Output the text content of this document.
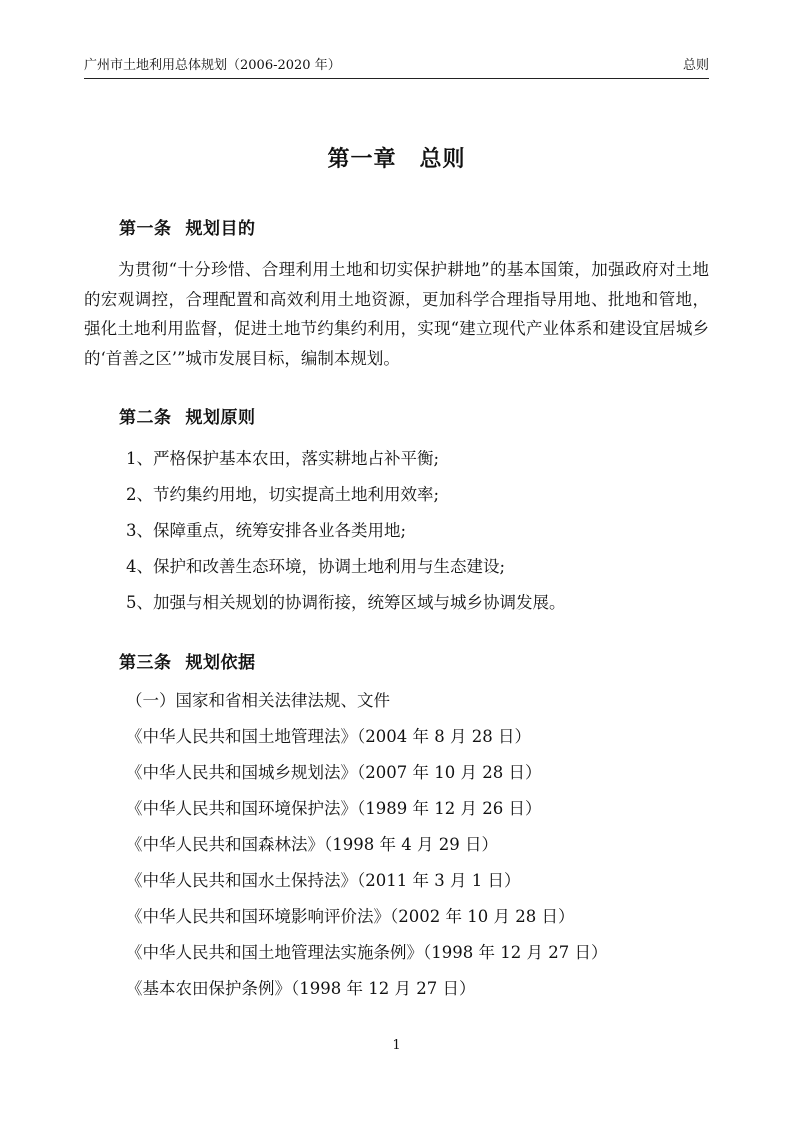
广州市土地利用总体规划（2006-2020 年）	总则
第一章　总则
第一条 规划目的
为贯彻“十分珍惜、合理利用土地和切实保护耕地”的基本国策，加强政府对土地的宏观调控，合理配置和高效利用土地资源，更加科学合理指导用地、批地和管地，强化土地利用监督，促进土地节约集约利用，实现“建立现代产业体系和建设宜居城乡的‘首善之区’”城市发展目标，编制本规划。
第二条 规划原则
1、严格保护基本农田，落实耕地占补平衡;
2、节约集约用地，切实提高土地利用效率;
3、保障重点，统筹安排各业各类用地;
4、保护和改善生态环境，协调土地利用与生态建设;
5、加强与相关规划的协调衔接，统筹区域与城乡协调发展。
第三条 规划依据
（一）国家和省相关法律法规、文件
《中华人民共和国土地管理法》（2004 年 8 月 28 日）
《中华人民共和国城乡规划法》（2007 年 10 月 28 日）
《中华人民共和国环境保护法》（1989 年 12 月 26 日）
《中华人民共和国森林法》（1998 年 4 月 29 日）
《中华人民共和国水土保持法》（2011 年 3 月 1 日）
《中华人民共和国环境影响评价法》（2002 年 10 月 28 日）
《中华人民共和国土地管理法实施条例》（1998 年 12 月 27 日）
《基本农田保护条例》（1998 年 12 月 27 日）
1
